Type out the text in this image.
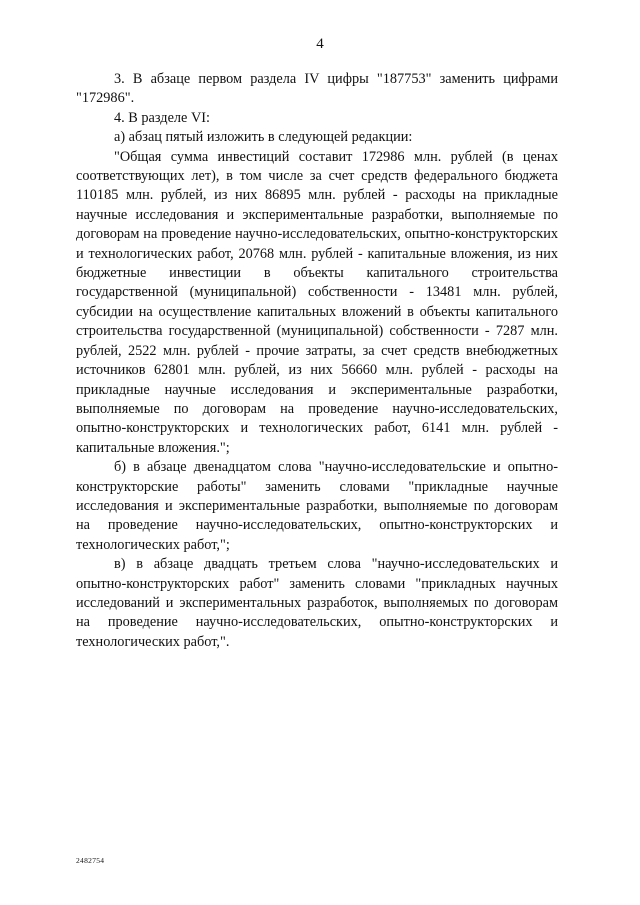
4

3. В абзаце первом раздела IV цифры "187753" заменить цифрами "172986".

4. В разделе VI:

а) абзац пятый изложить в следующей редакции:

"Общая сумма инвестиций составит 172986 млн. рублей (в ценах соответствующих лет), в том числе за счет средств федерального бюджета 110185 млн. рублей, из них 86895 млн. рублей - расходы на прикладные научные исследования и экспериментальные разработки, выполняемые по договорам на проведение научно-исследовательских, опытно-конструкторских и технологических работ, 20768 млн. рублей - капитальные вложения, из них бюджетные инвестиции в объекты капитального строительства государственной (муниципальной) собственности - 13481 млн. рублей, субсидии на осуществление капитальных вложений в объекты капитального строительства государственной (муниципальной) собственности - 7287 млн. рублей, 2522 млн. рублей - прочие затраты, за счет средств внебюджетных источников 62801 млн. рублей, из них 56660 млн. рублей - расходы на прикладные научные исследования и экспериментальные разработки, выполняемые по договорам на проведение научно-исследовательских, опытно-конструкторских и технологических работ, 6141 млн. рублей - капитальные вложения.";

б) в абзаце двенадцатом слова "научно-исследовательские и опытно-конструкторские работы" заменить словами "прикладные научные исследования и экспериментальные разработки, выполняемые по договорам на проведение научно-исследовательских, опытно-конструкторских и технологических работ,";

в) в абзаце двадцать третьем слова "научно-исследовательских и опытно-конструкторских работ" заменить словами "прикладных научных исследований и экспериментальных разработок, выполняемых по договорам на проведение научно-исследовательских, опытно-конструкторских и технологических работ,".

2482754
